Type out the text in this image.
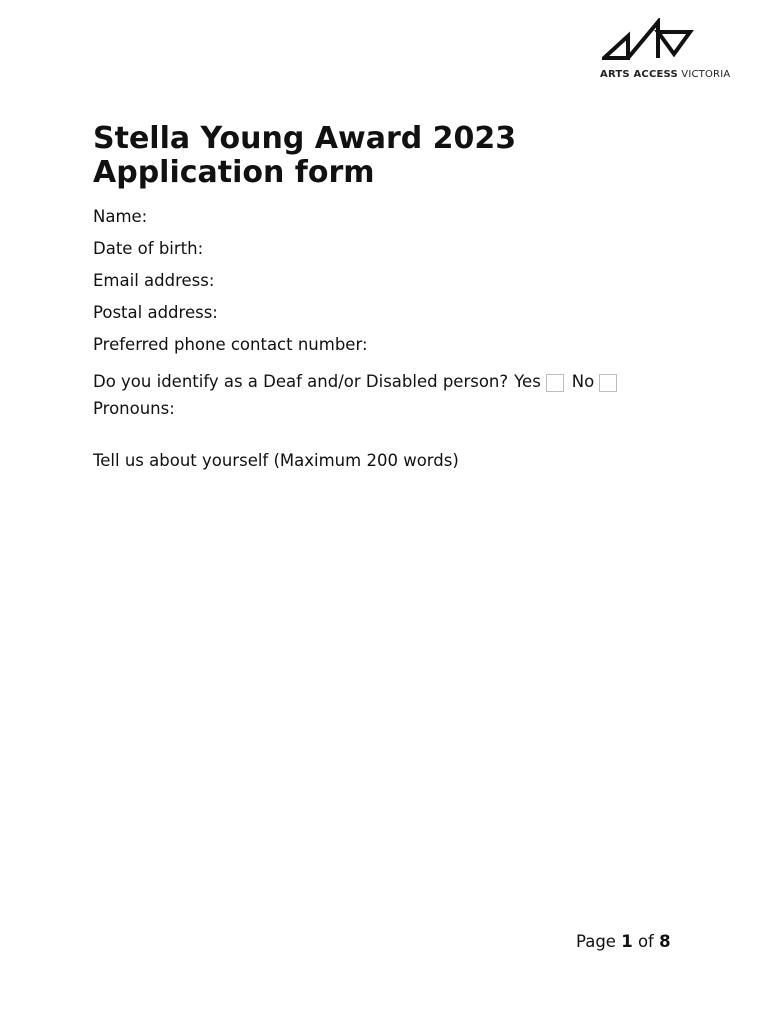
ARTS ACCESS VICTORIA
Stella Young Award 2023
Application form
Name:
Date of birth:
Email address:
Postal address:
Preferred phone contact number:
Do you identify as a Deaf and/or Disabled person? Yes No
Pronouns:
Tell us about yourself (Maximum 200 words)
Page 1 of 8
